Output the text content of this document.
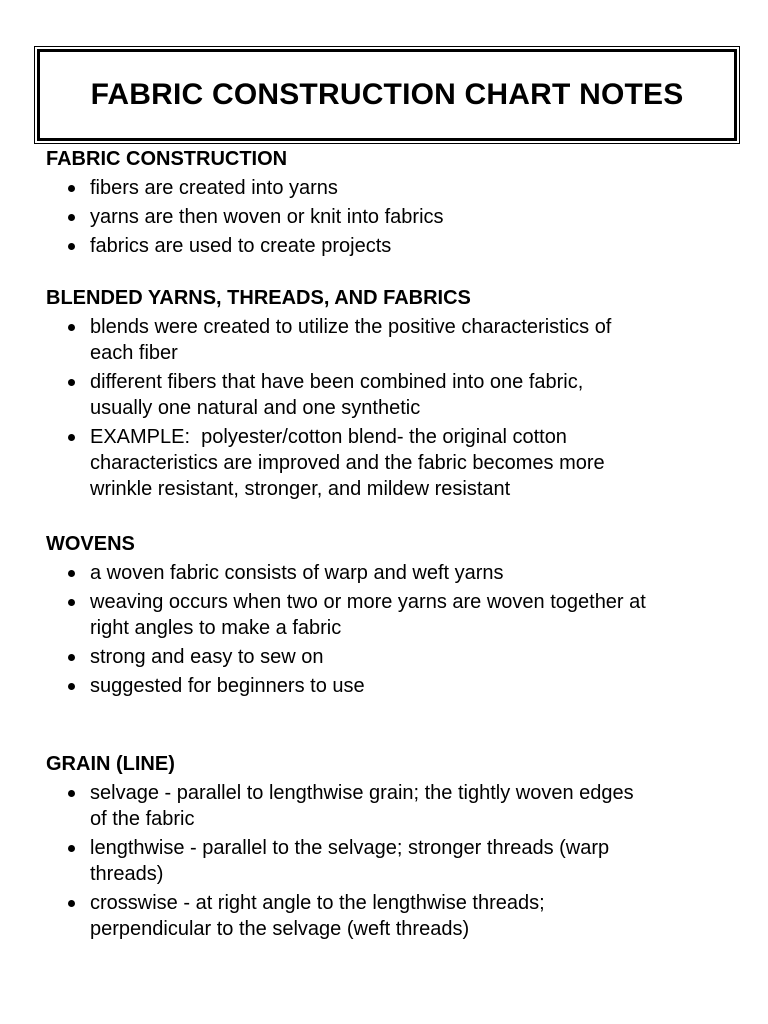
FABRIC CONSTRUCTION CHART NOTES
FABRIC CONSTRUCTION
fibers are created into yarns
yarns are then woven or knit into fabrics
fabrics are used to create projects
BLENDED YARNS, THREADS, AND FABRICS
blends were created to utilize the positive characteristics of
each fiber
different fibers that have been combined into one fabric,
usually one natural and one synthetic
EXAMPLE:  polyester/cotton blend- the original cotton
characteristics are improved and the fabric becomes more
wrinkle resistant, stronger, and mildew resistant
WOVENS
a woven fabric consists of warp and weft yarns
weaving occurs when two or more yarns are woven together at
right angles to make a fabric
strong and easy to sew on
suggested for beginners to use
GRAIN (LINE)
selvage - parallel to lengthwise grain; the tightly woven edges
of the fabric
lengthwise - parallel to the selvage; stronger threads (warp
threads)
crosswise - at right angle to the lengthwise threads;
perpendicular to the selvage (weft threads)
